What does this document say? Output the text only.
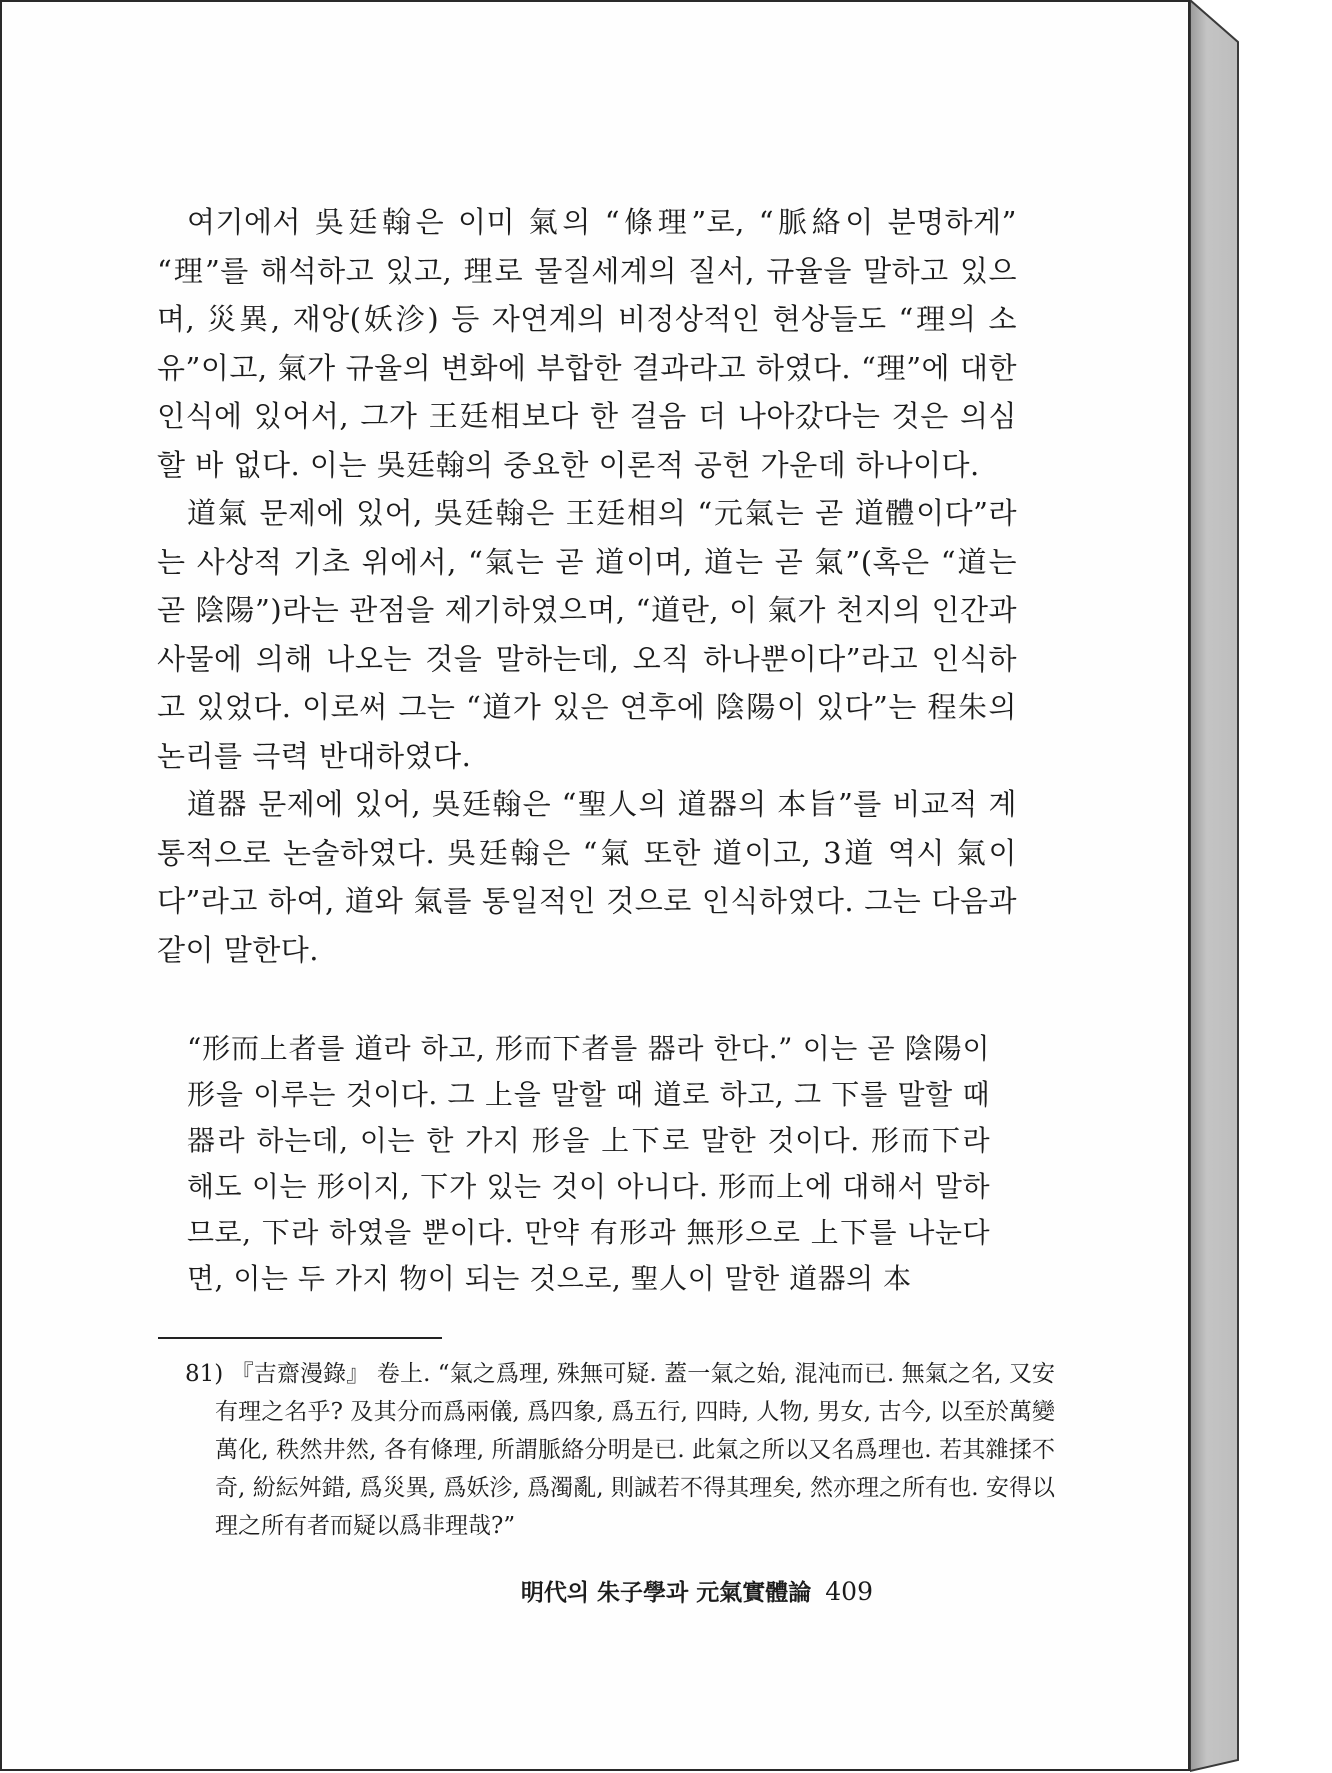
여기에서 吳廷翰은 이미 氣의 “條理”로, “脈絡이 분명하게” “理”를 해석하고 있고, 理로 물질세계의 질서, 규율을 말하고 있으며, 災異, 재앙(妖沴) 등 자연계의 비정상적인 현상들도 “理의 소유”이고, 氣가 규율의 변화에 부합한 결과라고 하였다. “理”에 대한 인식에 있어서, 그가 王廷相보다 한 걸음 더 나아갔다는 것은 의심할 바 없다. 이는 吳廷翰의 중요한 이론적 공헌 가운데 하나이다.

道氣 문제에 있어, 吳廷翰은 王廷相의 “元氣는 곧 道體이다”라는 사상적 기초 위에서, “氣는 곧 道이며, 道는 곧 氣”(혹은 “道는 곧 陰陽”)라는 관점을 제기하였으며, “道란, 이 氣가 천지의 인간과 사물에 의해 나오는 것을 말하는데, 오직 하나뿐이다”라고 인식하고 있었다. 이로써 그는 “道가 있은 연후에 陰陽이 있다”는 程朱의 논리를 극력 반대하였다.

道器 문제에 있어, 吳廷翰은 “聖人의 道器의 本旨”를 비교적 계통적으로 논술하였다. 吳廷翰은 “氣 또한 道이고, 3道 역시 氣이다”라고 하여, 道와 氣를 통일적인 것으로 인식하였다. 그는 다음과 같이 말한다.

“形而上者를 道라 하고, 形而下者를 器라 한다.” 이는 곧 陰陽이 形을 이루는 것이다. 그 上을 말할 때 道로 하고, 그 下를 말할 때 器라 하는데, 이는 한 가지 形을 上下로 말한 것이다. 形而下라 해도 이는 形이지, 下가 있는 것이 아니다. 形而上에 대해서 말하므로, 下라 하였을 뿐이다. 만약 有形과 無形으로 上下를 나눈다면, 이는 두 가지 物이 되는 것으로, 聖人이 말한 道器의 本

81) 『吉齋漫錄』 卷上. “氣之爲理, 殊無可疑. 蓋一氣之始, 混沌而已. 無氣之名, 又安有理之名乎? 及其分而爲兩儀, 爲四象, 爲五行, 四時, 人物, 男女, 古今, 以至於萬變萬化, 秩然井然, 各有條理, 所謂脈絡分明是已. 此氣之所以又名爲理也. 若其雜揉不奇, 紛紜舛錯, 爲災異, 爲妖沴, 爲濁亂, 則誠若不得其理矣, 然亦理之所有也. 安得以理之所有者而疑以爲非理哉?”

明代의 朱子學과 元氣實體論 409
